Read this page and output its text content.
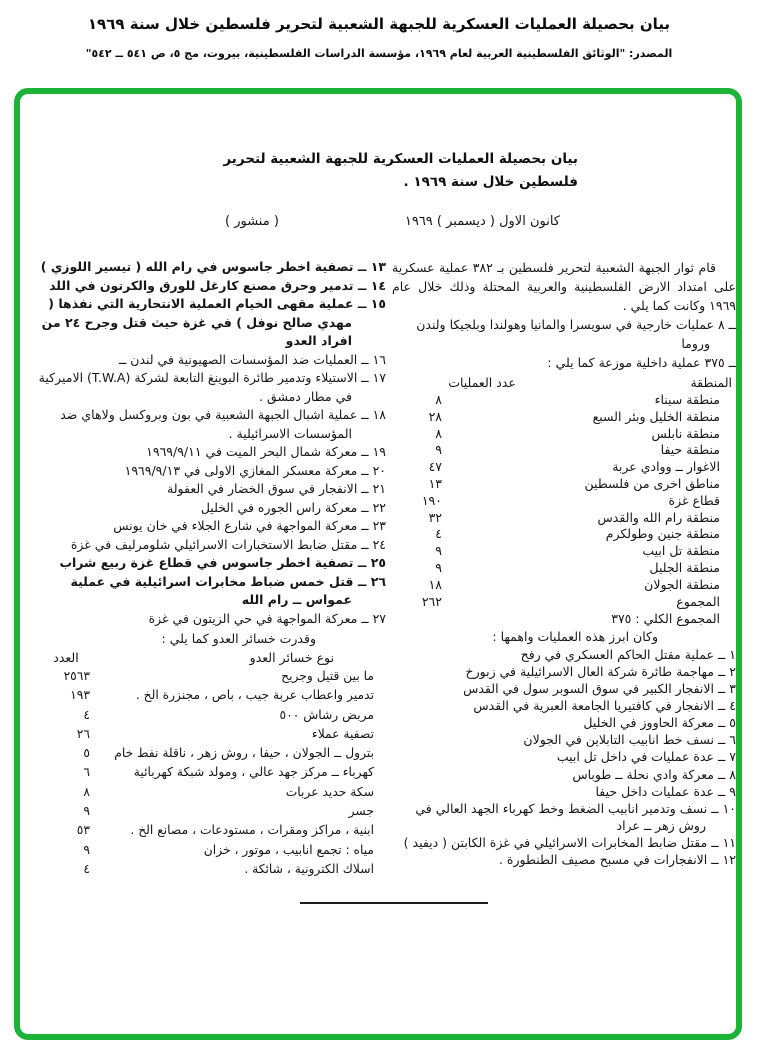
بيان بحصيلة العمليات العسكرية للجبهة الشعبية لتحرير فلسطين خلال سنة ١٩٦٩
المصدر: "الوثائق الفلسطينية العربية لعام ١٩٦٩، مؤسسة الدراسات الفلسطينية، بيروت، مج ٥، ص ٥٤١ ــ ٥٤٢"
بيان بحصيلة العمليات العسكرية للجبهة الشعبية لتحرير
فلسطين خلال سنة ١٩٦٩ .
كانون الاول ( ديسمبر ) ١٩٦٩
( منشور )

قام ثوار الجبهة الشعبية لتحرير فلسطين بـ ٣٨٢ عملية عسكرية على امتداد الارض الفلسطينية والعربية المحتلة وذلك خلال عام ١٩٦٩ وكانت كما يلي .

ــ ٨ عمليات خارجية في سويسرا والمانيا وهولندا وبلجيكا ولندن وروما

ــ ٣٧٥ عملية داخلية موزعة كما يلي :

المنطقة
عدد العمليات
منطقة سيناء
٨
منطقة الخليل وبئر السبع
٢٨
منطقة نابلس
٨
منطقة حيفا
٩
الاغوار ــ ووادي عربة
٤٧
مناطق اخرى من فلسطين
١٣
قطاع غزة
١٩٠
منطقة رام الله والقدس
٣٢
منطقة جنين وطولكرم
٤
منطقة تل ابيب
٩
منطقة الجليل
٩
منطقة الجولان
١٨
المجموع
٢٦٢

المجموع الكلي : ٣٧٥

وكان ابرز هذه العمليات واهمها :

١ ــ عملية مقتل الحاكم العسكري في رفح
٢ ــ مهاجمة طائرة شركة العال الاسرائيلية في زبورخ
٣ ــ الانفجار الكبير في سوق السوبر سول في القدس
٤ ــ الانفجار في كافتيريا الجامعة العبرية في القدس
٥ ــ معركة الحاووز في الخليل
٦ ــ نسف خط انابيب التابلاين في الجولان
٧ ــ عدة عمليات في داخل تل ابيب
٨ ــ معركة وادي نحلة ــ طوباس
٩ ــ عدة عمليات داخل حيفا
١٠ ــ نسف وتدمير انابيب الضغط وخط كهرباء الجهد العالي في روش زهر ــ عراد
١١ ــ مقتل ضابط المخابرات الاسرائيلي في غزة الكابتن ( ديفيد )
١٢ ــ الانفجارات في مسبح مصيف الطنطورة .
١٣ ــ تصفية اخطر جاسوس في رام الله ( تيسير اللوزي )
١٤ ــ تدمير وحرق مصنع كارغل للورق والكرتون في اللد
١٥ ــ عملية مقهى الخيام العملية الانتحارية التي نفذها ( مهدي صالح نوفل ) في غزة حيث قتل وجرح ٢٤ من افراد العدو
١٦ ــ العمليات ضد المؤسسات الصهيونية في لندن ــ
١٧ ــ الاستيلاء وتدمير طائرة البوينغ التابعة لشركة ⁦(T.W.A)⁩ الاميركية في مطار دمشق .
١٨ ــ عملية اشبال الجبهة الشعبية في بون وبروكسل ولاهاي ضد المؤسسات الاسرائيلية .
١٩ ــ معركة شمال البحر الميت في ١٩٦٩/٩/١١
٢٠ ــ معركة معسكر المغازي الاولى في ١٩٦٩/٩/١٣
٢١ ــ الانفجار في سوق الخضار في العفولة
٢٢ ــ معركة راس الجوره في الخليل
٢٣ ــ معركة المواجهة في شارع الجلاء في خان يونس
٢٤ ــ مقتل ضابط الاستخبارات الاسرائيلي شلومرليف في غزة
٢٥ ــ تصفية اخطر جاسوس في قطاع غزة ربيع شراب
٢٦ ــ قتل خمس ضباط مخابرات اسرائيلية في عملية عمواس ــ رام الله
٢٧ ــ معركة المواجهة في حي الزيتون في غزة

وقدرت خسائر العدو كما يلي :

نوع خسائر العدو
العدد
ما بين قتيل وجريح
٢٥٦٣
تدمير واعطاب عربة جيب ، باص ، مجنزرة الخ .
١٩٣
مربض رشاش ٥٠٠
٤
تصفية عملاء
٢٦
بترول ــ الجولان ، حيفا ، روش زهر ، ناقلة نفط خام
٥
كهرباء ــ مركز جهد عالي ، ومولد شبكة كهربائية
٦
سكة حديد عربات
٨
جسر
٩
ابنية ، مراكز ومقرات ، مستودعات ، مصانع الخ .
٥٣
مياه : تجمع انابيب ، موتور ، خزان
٩
اسلاك الكترونية ، شائكة .
٤
